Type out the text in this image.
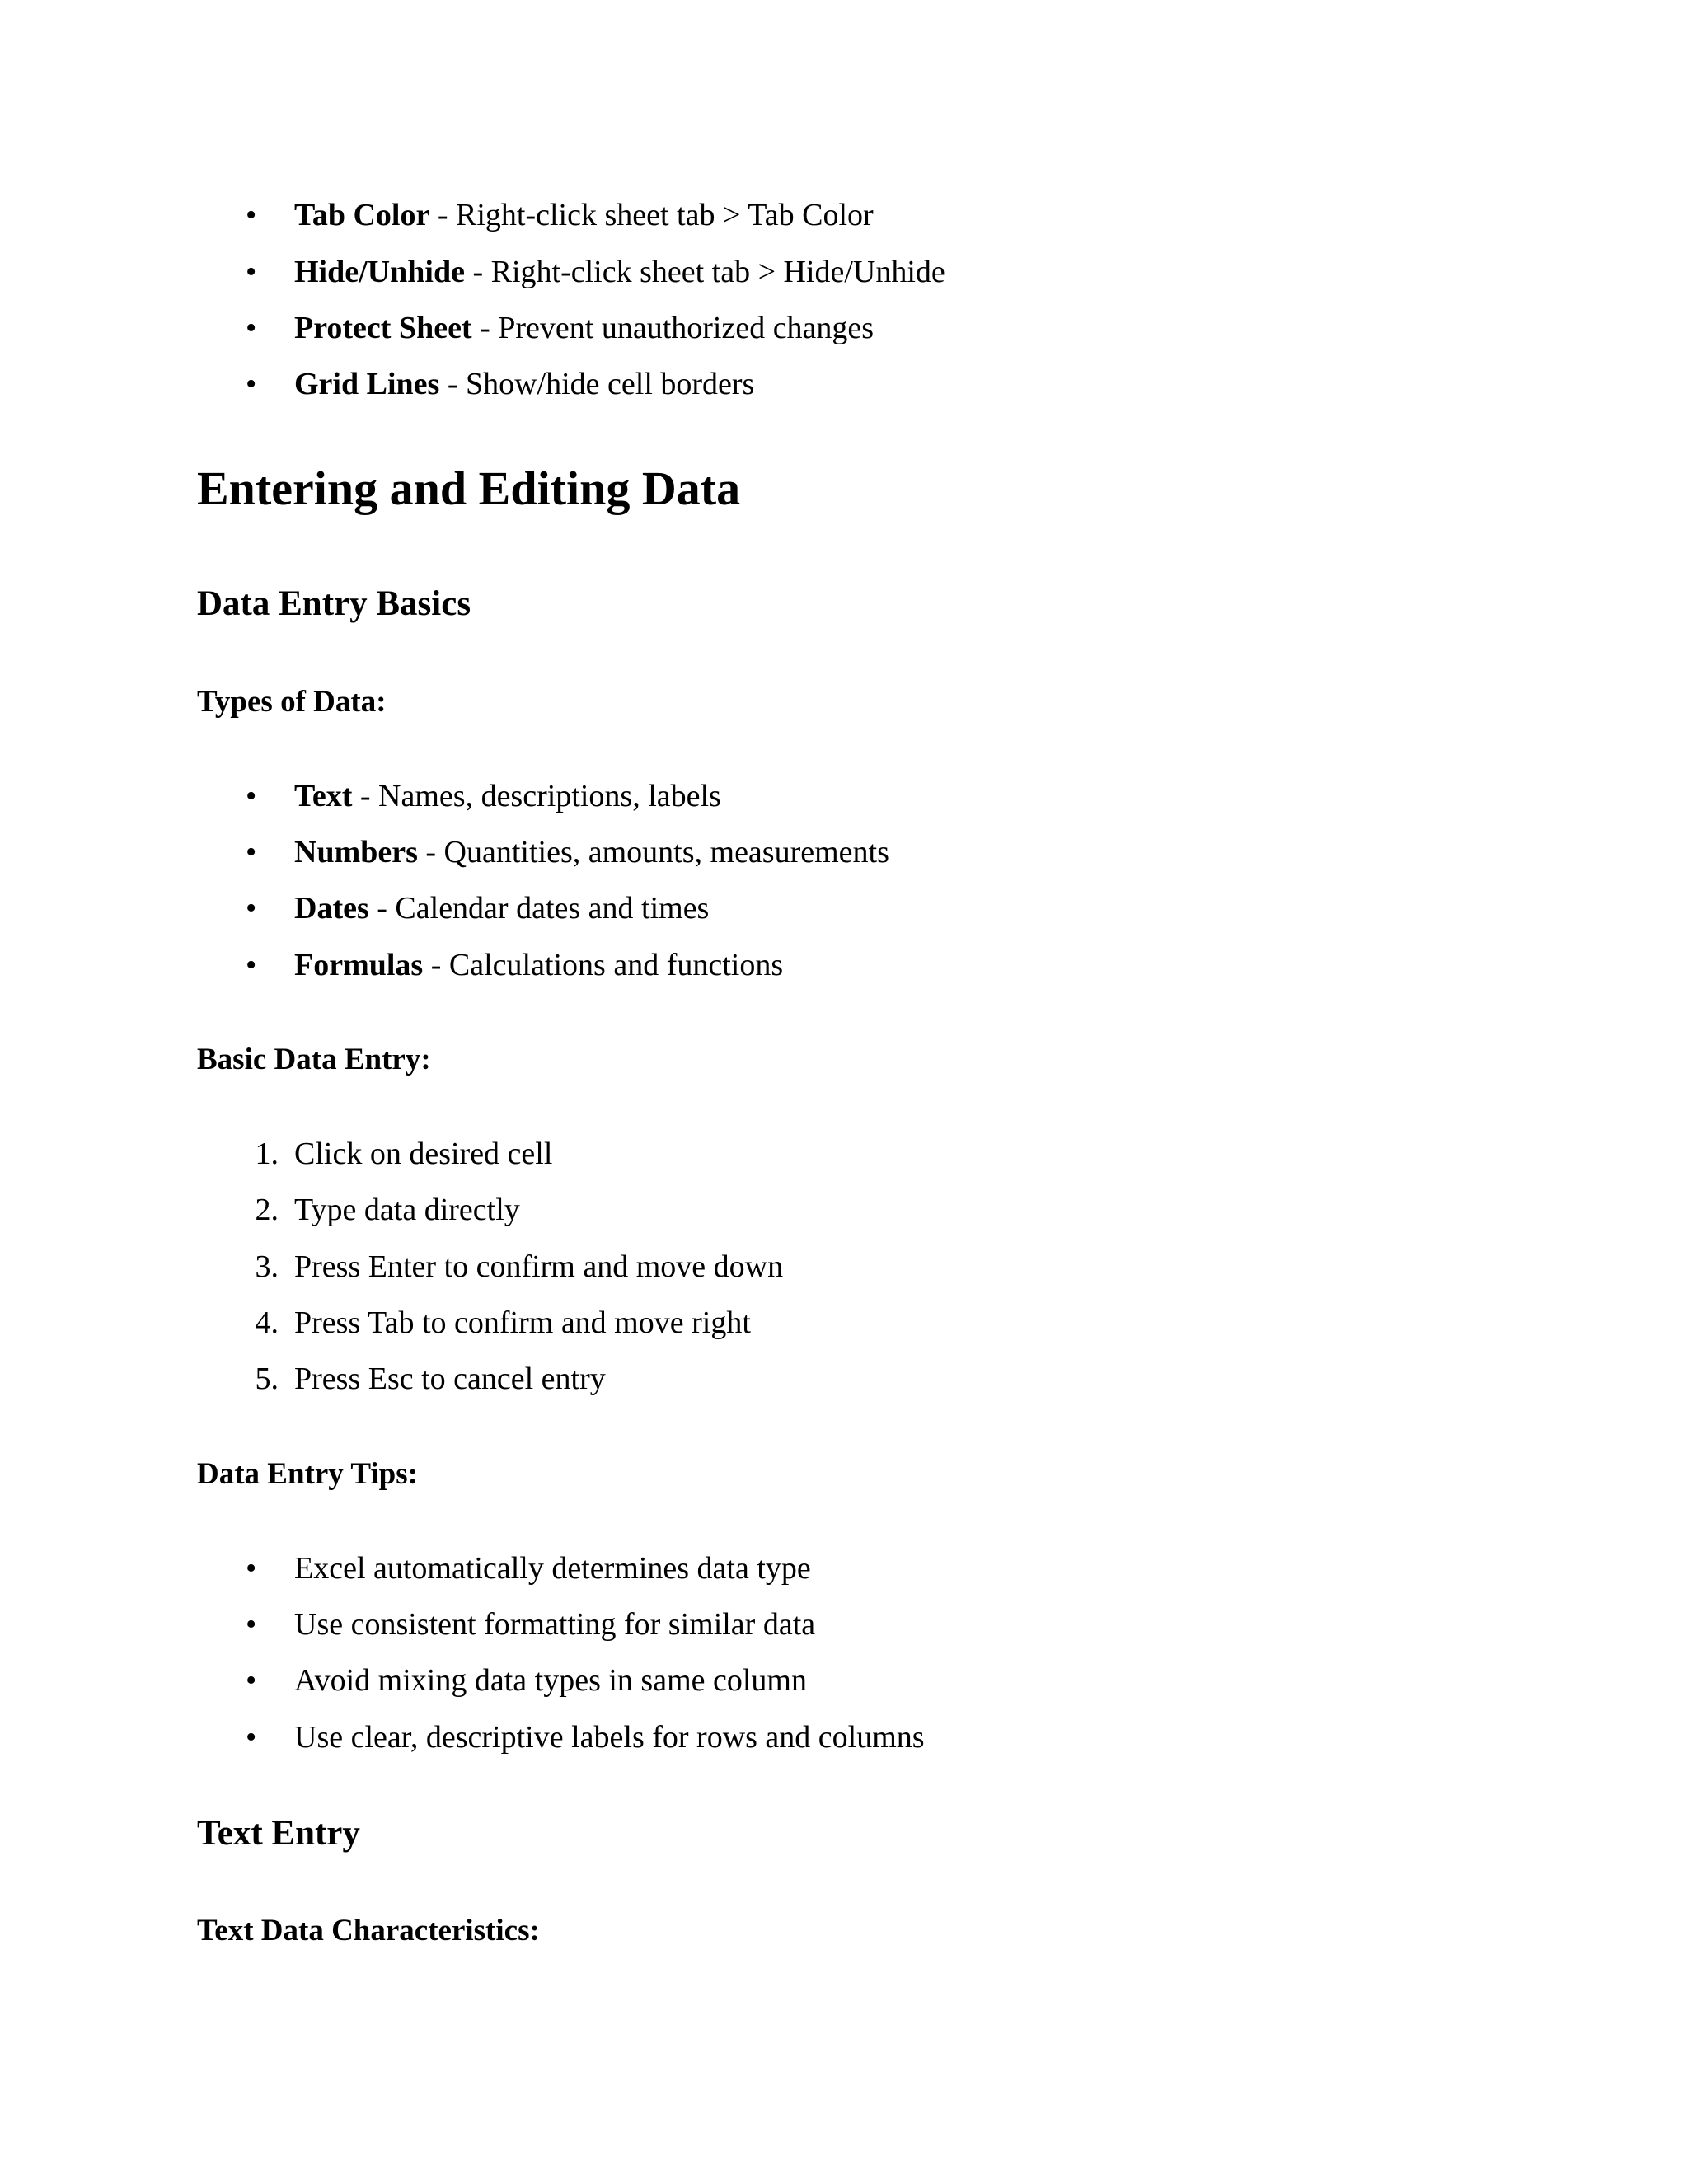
• Tab Color - Right-click sheet tab > Tab Color
• Hide/Unhide - Right-click sheet tab > Hide/Unhide
• Protect Sheet - Prevent unauthorized changes
• Grid Lines - Show/hide cell borders
Entering and Editing Data
Data Entry Basics
Types of Data:
• Text - Names, descriptions, labels
• Numbers - Quantities, amounts, measurements
• Dates - Calendar dates and times
• Formulas - Calculations and functions
Basic Data Entry:
1. Click on desired cell
2. Type data directly
3. Press Enter to confirm and move down
4. Press Tab to confirm and move right
5. Press Esc to cancel entry
Data Entry Tips:
• Excel automatically determines data type
• Use consistent formatting for similar data
• Avoid mixing data types in same column
• Use clear, descriptive labels for rows and columns
Text Entry
Text Data Characteristics:
